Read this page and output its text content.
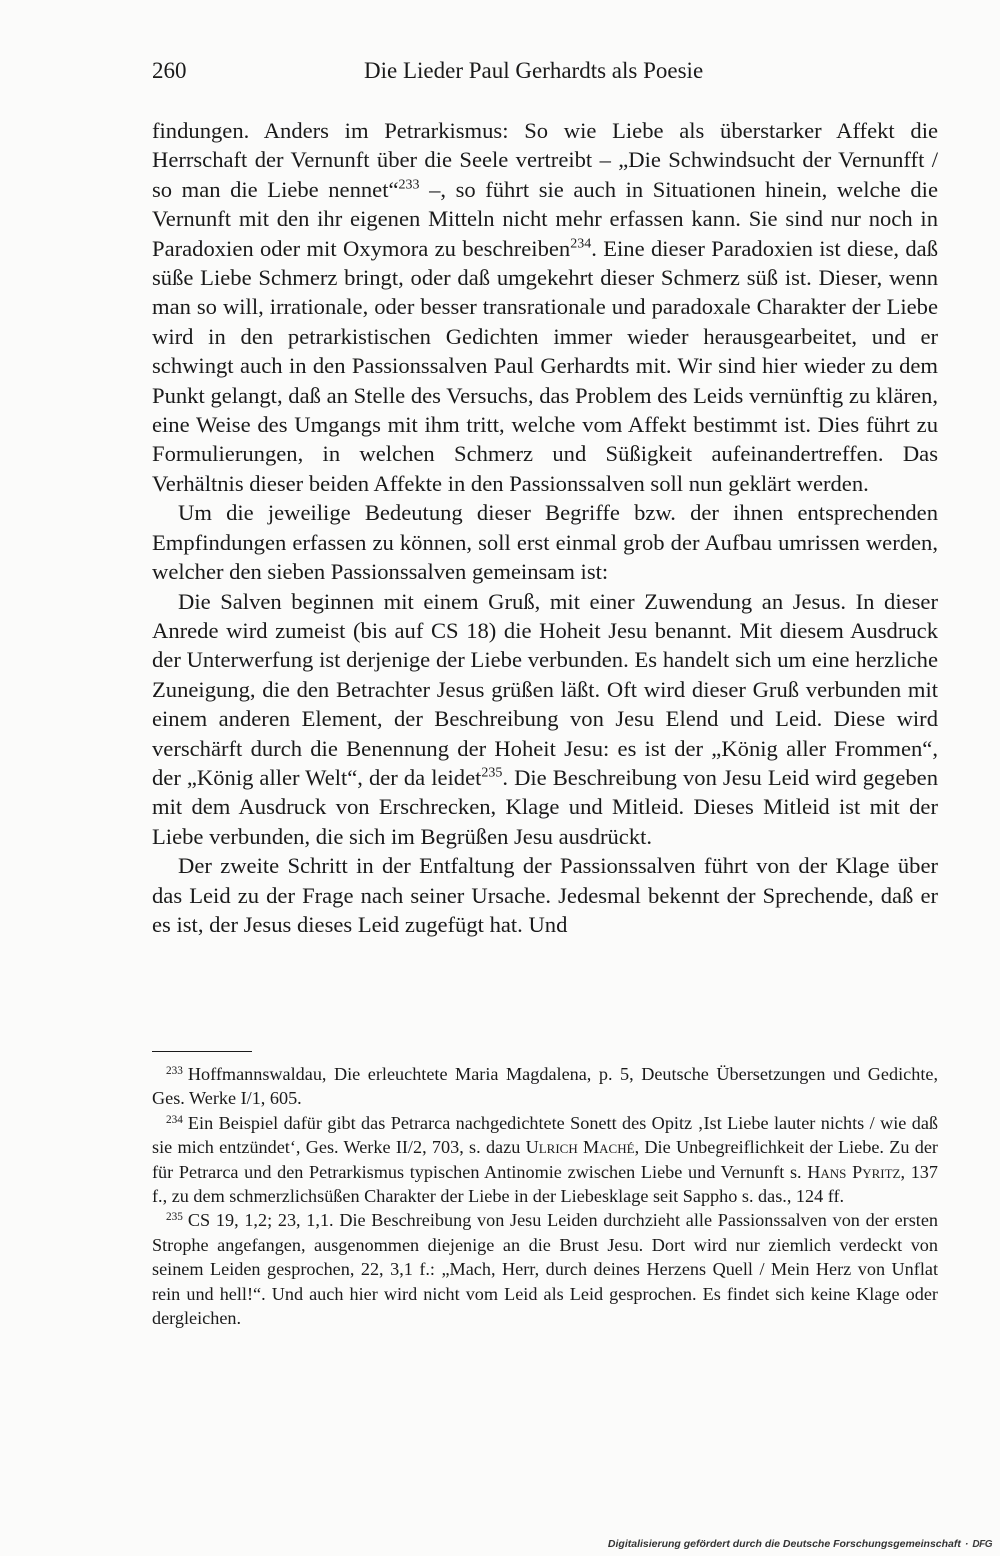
260	Die Lieder Paul Gerhardts als Poesie

findungen. Anders im Petrarkismus: So wie Liebe als überstarker Affekt die Herrschaft der Vernunft über die Seele vertreibt – „Die Schwindsucht der Vernunfft / so man die Liebe nennet“$^{233}$ –, so führt sie auch in Situationen hinein, welche die Vernunft mit den ihr eigenen Mitteln nicht mehr erfassen kann. Sie sind nur noch in Paradoxien oder mit Oxymora zu beschreiben$^{234}$. Eine dieser Paradoxien ist diese, daß süße Liebe Schmerz bringt, oder daß umgekehrt dieser Schmerz süß ist. Dieser, wenn man so will, irrationale, oder besser transrationale und paradoxale Charakter der Liebe wird in den petrarkistischen Gedichten immer wieder herausgearbeitet, und er schwingt auch in den Passionssalven Paul Gerhardts mit. Wir sind hier wieder zu dem Punkt gelangt, daß an Stelle des Versuchs, das Problem des Leids vernünftig zu klären, eine Weise des Umgangs mit ihm tritt, welche vom Affekt bestimmt ist. Dies führt zu Formulierungen, in welchen Schmerz und Süßigkeit aufeinandertreffen. Das Verhältnis dieser beiden Affekte in den Passionssalven soll nun geklärt werden.

Um die jeweilige Bedeutung dieser Begriffe bzw. der ihnen entsprechenden Empfindungen erfassen zu können, soll erst einmal grob der Aufbau umrissen werden, welcher den sieben Passionssalven gemeinsam ist:

Die Salven beginnen mit einem Gruß, mit einer Zuwendung an Jesus. In dieser Anrede wird zumeist (bis auf CS 18) die Hoheit Jesu benannt. Mit diesem Ausdruck der Unterwerfung ist derjenige der Liebe verbunden. Es handelt sich um eine herzliche Zuneigung, die den Betrachter Jesus grüßen läßt. Oft wird dieser Gruß verbunden mit einem anderen Element, der Beschreibung von Jesu Elend und Leid. Diese wird verschärft durch die Benennung der Hoheit Jesu: es ist der „König aller Frommen“, der „König aller Welt“, der da leidet$^{235}$. Die Beschreibung von Jesu Leid wird gegeben mit dem Ausdruck von Erschrecken, Klage und Mitleid. Dieses Mitleid ist mit der Liebe verbunden, die sich im Begrüßen Jesu ausdrückt.

Der zweite Schritt in der Entfaltung der Passionssalven führt von der Klage über das Leid zu der Frage nach seiner Ursache. Jedesmal bekennt der Sprechende, daß er es ist, der Jesus dieses Leid zugefügt hat. Und

$^{233}$ Hoffmannswaldau, Die erleuchtete Maria Magdalena, p. 5, Deutsche Übersetzungen und Gedichte, Ges. Werke I/1, 605.

$^{234}$ Ein Beispiel dafür gibt das Petrarca nachgedichtete Sonett des Opitz ‚Ist Liebe lauter nichts / wie daß sie mich entzündet‘, Ges. Werke II/2, 703, s. dazu Ulrich Maché, Die Unbegreiflichkeit der Liebe. Zu der für Petrarca und den Petrarkismus typischen Antinomie zwischen Liebe und Vernunft s. Hans Pyritz, 137 f., zu dem schmerzlichsüßen Charakter der Liebe in der Liebesklage seit Sappho s. das., 124 ff.

$^{235}$ CS 19, 1,2; 23, 1,1. Die Beschreibung von Jesu Leiden durchzieht alle Passionssalven von der ersten Strophe angefangen, ausgenommen diejenige an die Brust Jesu. Dort wird nur ziemlich verdeckt von seinem Leiden gesprochen, 22, 3,1 f.: „Mach, Herr, durch deines Herzens Quell / Mein Herz von Unflat rein und hell!“. Und auch hier wird nicht vom Leid als Leid gesprochen. Es findet sich keine Klage oder dergleichen.

Digitalisierung gefördert durch die Deutsche Forschungsgemeinschaft · DFG
